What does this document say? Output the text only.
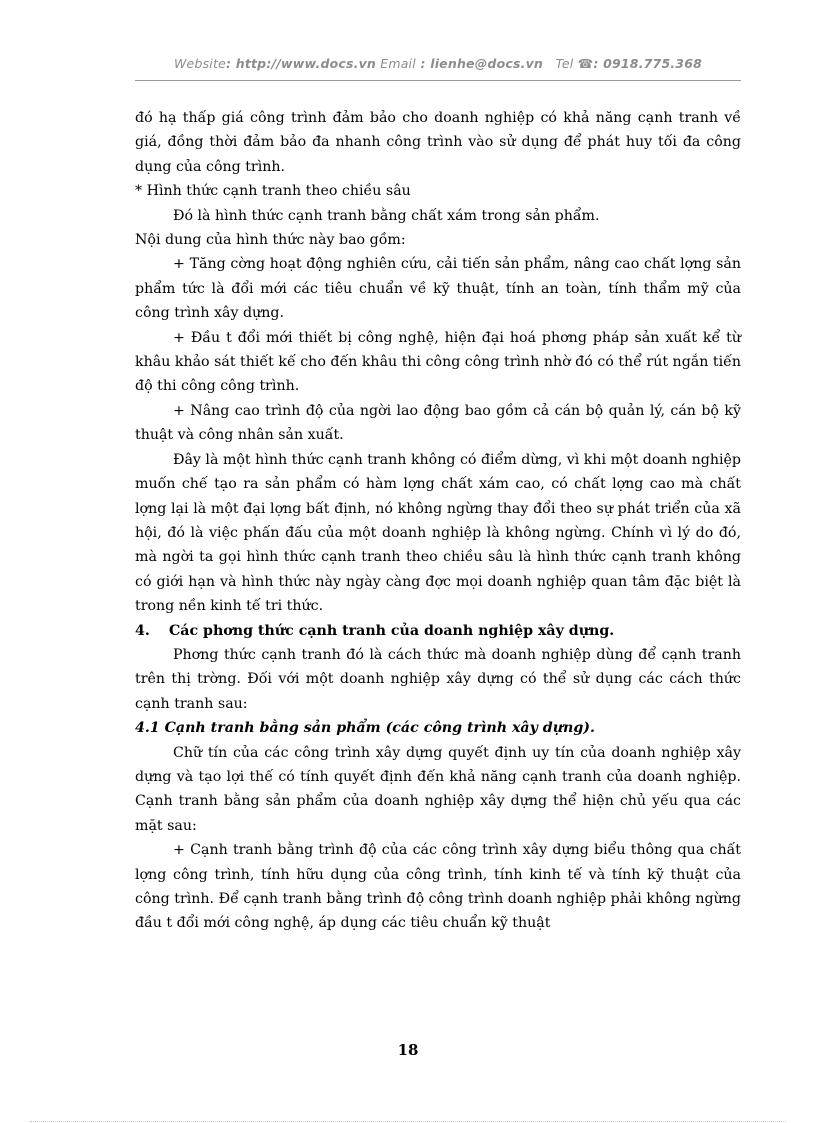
Website: http://www.docs.vn Email : lienhe@docs.vn Tel ☎: 0918.775.368

đó hạ thấp giá công trình đảm bảo cho doanh nghiệp có khả năng cạnh tranh về giá, đồng thời đảm bảo đa nhanh công trình vào sử dụng để phát huy tối đa công dụng của công trình.

* Hình thức cạnh tranh theo chiều sâu

Đó là hình thức cạnh tranh bằng chất xám trong sản phẩm.

Nội dung của hình thức này bao gồm:

+ Tăng cờng hoạt động nghiên cứu, cải tiến sản phẩm, nâng cao chất lợng sản phẩm tức là đổi mới các tiêu chuẩn về kỹ thuật, tính an toàn, tính thẩm mỹ của công trình xây dựng.

+ Đầu t đổi mới thiết bị công nghệ, hiện đại hoá phơng pháp sản xuất kể từ khâu khảo sát thiết kế cho đến khâu thi công công trình nhờ đó có thể rút ngắn tiến độ thi công công trình.

+ Nâng cao trình độ của ngời lao động bao gồm cả cán bộ quản lý, cán bộ kỹ thuật và công nhân sản xuất.

Đây là một hình thức cạnh tranh không có điểm dừng, vì khi một doanh nghiệp muốn chế tạo ra sản phẩm có hàm lợng chất xám cao, có chất lợng cao mà chất lợng lại là một đại lợng bất định, nó không ngừng thay đổi theo sự phát triển của xã hội, đó là việc phấn đấu của một doanh nghiệp là không ngừng. Chính vì lý do đó, mà ngời ta gọi hình thức cạnh tranh theo chiều sâu là hình thức cạnh tranh không có giới hạn và hình thức này ngày càng đợc mọi doanh nghiệp quan tâm đặc biệt là trong nền kinh tế tri thức.

4. Các phơng thức cạnh tranh của doanh nghiệp xây dựng.

Phơng thức cạnh tranh đó là cách thức mà doanh nghiệp dùng để cạnh tranh trên thị trờng. Đối với một doanh nghiệp xây dựng có thể sử dụng các cách thức cạnh tranh sau:

4.1 Cạnh tranh bằng sản phẩm (các công trình xây dựng).

Chữ tín của các công trình xây dựng quyết định uy tín của doanh nghiệp xây dựng và tạo lợi thế có tính quyết định đến khả năng cạnh tranh của doanh nghiệp. Cạnh tranh bằng sản phẩm của doanh nghiệp xây dựng thể hiện chủ yếu qua các mặt sau:

+ Cạnh tranh bằng trình độ của các công trình xây dựng biểu thông qua chất lợng công trình, tính hữu dụng của công trình, tính kinh tế và tính kỹ thuật của công trình. Để cạnh tranh bằng trình độ công trình doanh nghiệp phải không ngừng đầu t đổi mới công nghệ, áp dụng các tiêu chuẩn kỹ thuật

18
